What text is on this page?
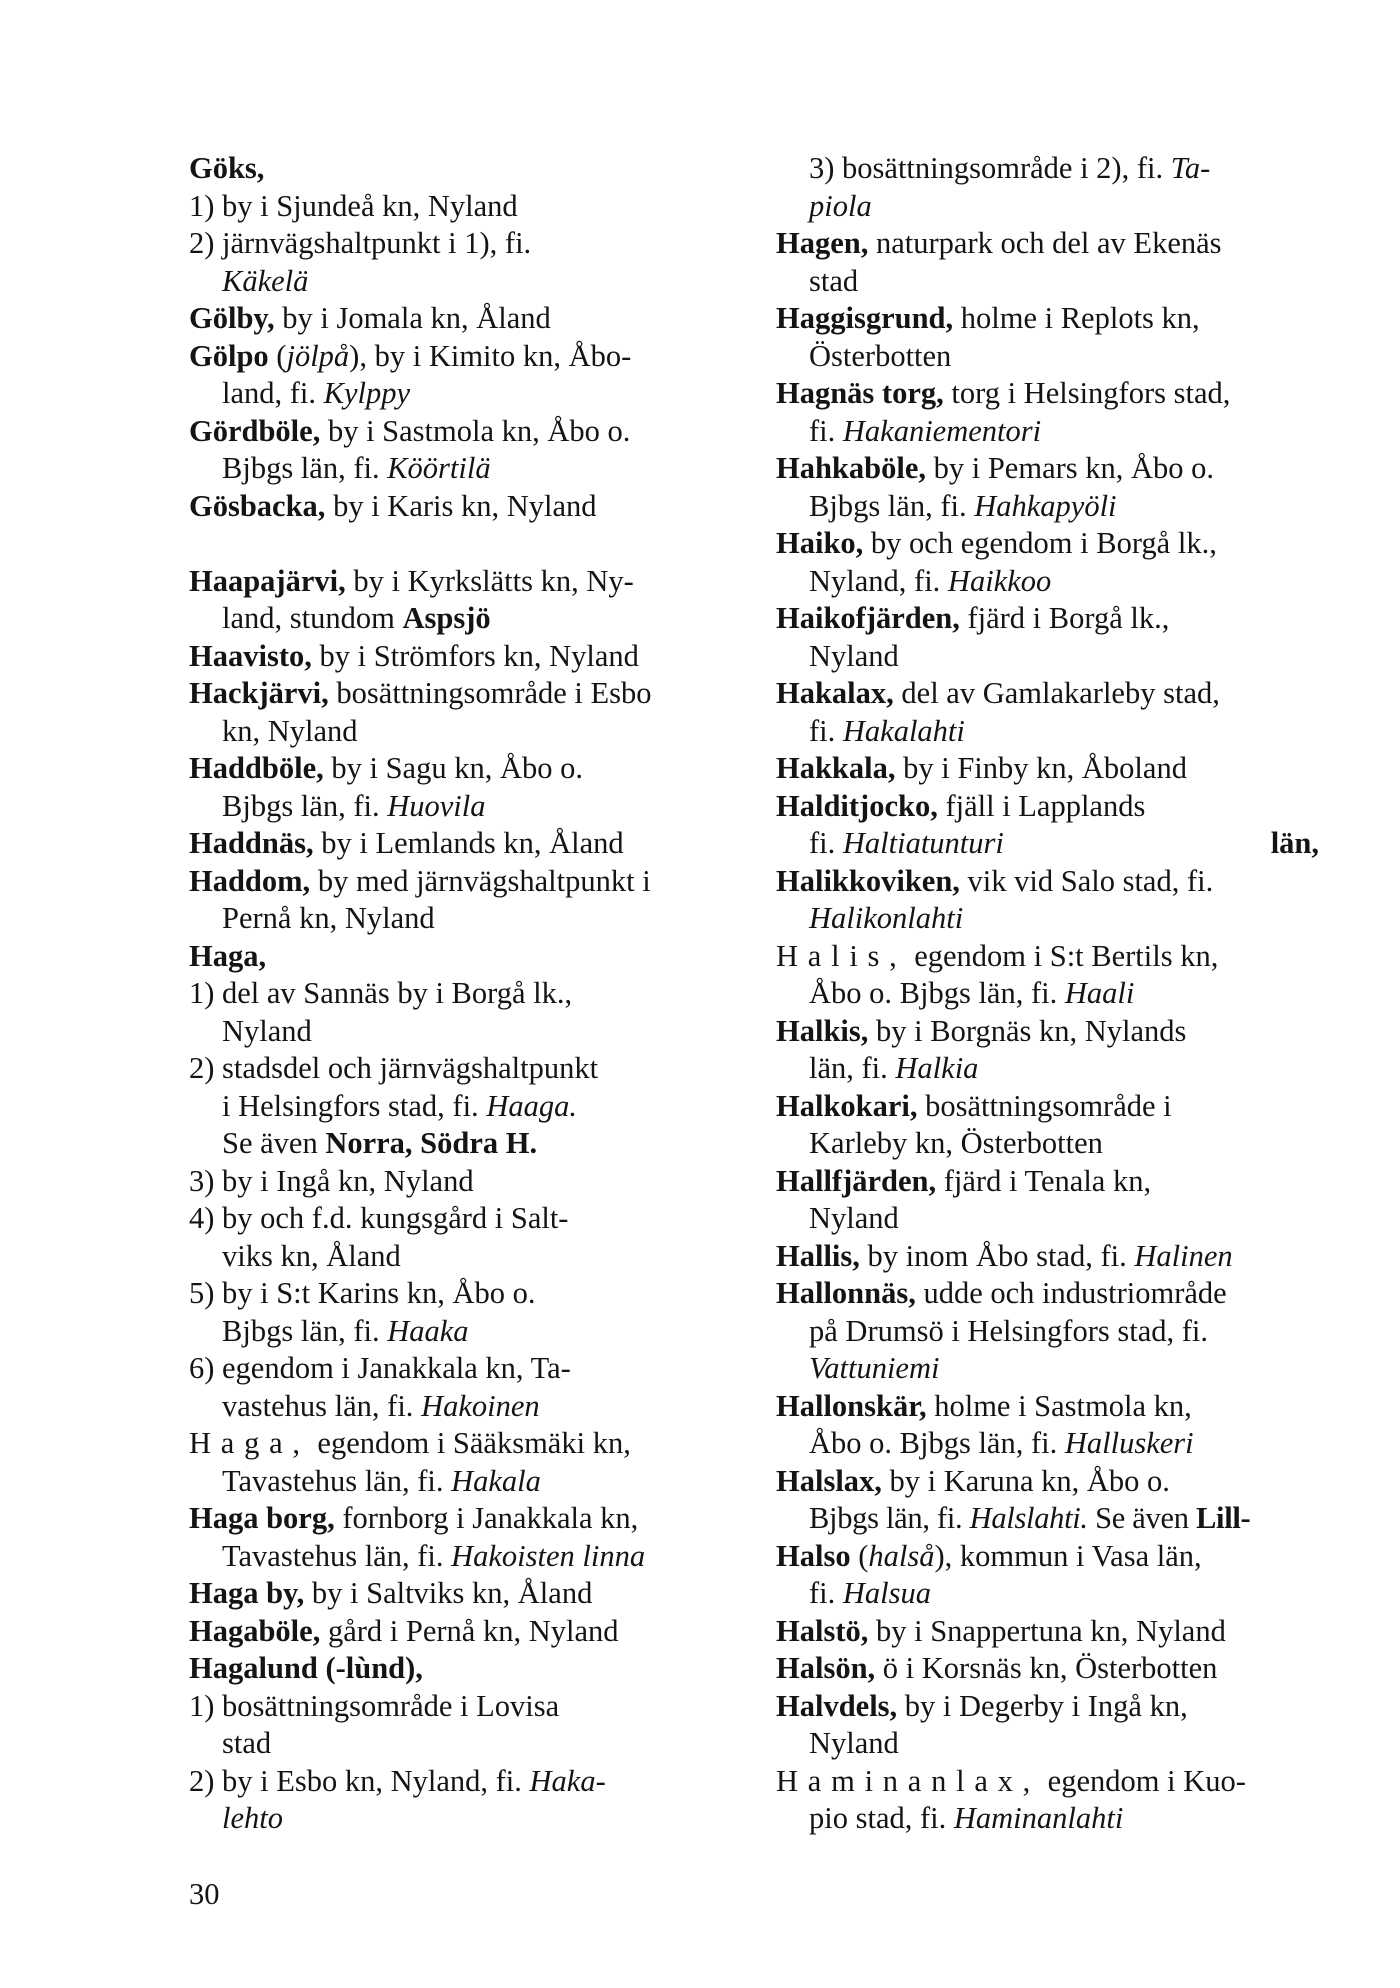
Göks,
1) by i Sjundeå kn, Nyland
2) järnvägshaltpunkt i 1), fi.
Käkelä
Gölby, by i Jomala kn, Åland
Gölpo (jölpå), by i Kimito kn, Åbo-
land, fi. Kylppy
Gördböle, by i Sastmola kn, Åbo o.
Bjbgs län, fi. Köörtilä
Gösbacka, by i Karis kn, Nyland
Haapajärvi, by i Kyrkslätts kn, Ny-
land, stundom Aspsjö
Haavisto, by i Strömfors kn, Nyland
Hackjärvi, bosättningsområde i Esbo
kn, Nyland
Haddböle, by i Sagu kn, Åbo o.
Bjbgs län, fi. Huovila
Haddnäs, by i Lemlands kn, Åland
Haddom, by med järnvägshaltpunkt i
Pernå kn, Nyland
Haga,
1) del av Sannäs by i Borgå lk.,
Nyland
2) stadsdel och järnvägshaltpunkt
i Helsingfors stad, fi. Haaga.
Se även Norra, Södra H.
3) by i Ingå kn, Nyland
4) by och f.d. kungsgård i Salt-
viks kn, Åland
5) by i S:t Karins kn, Åbo o.
Bjbgs län, fi. Haaka
6) egendom i Janakkala kn, Ta-
vastehus län, fi. Hakoinen
Haga, egendom i Sääksmäki kn,
Tavastehus län, fi. Hakala
Haga borg, fornborg i Janakkala kn,
Tavastehus län, fi. Hakoisten linna
Haga by, by i Saltviks kn, Åland
Hagaböle, gård i Pernå kn, Nyland
Hagalund (-lùnd),
1) bosättningsområde i Lovisa
stad
2) by i Esbo kn, Nyland, fi. Haka-
lehto
3) bosättningsområde i 2), fi. Ta-
piola
Hagen, naturpark och del av Ekenäs
stad
Haggisgrund, holme i Replots kn,
Österbotten
Hagnäs torg, torg i Helsingfors stad,
fi. Hakaniementori
Hahkaböle, by i Pemars kn, Åbo o.
Bjbgs län, fi. Hahkapyöli
Haiko, by och egendom i Borgå lk.,
Nyland, fi. Haikkoo
Haikofjärden, fjärd i Borgå lk.,
Nyland
Hakalax, del av Gamlakarleby stad,
fi. Hakalahti
Hakkala, by i Finby kn, Åboland
Halditjocko, fjäll i Lapplands
fi. Haltiatunturi	län,
Halikkoviken, vik vid Salo stad, fi.
Halikonlahti
Halis, egendom i S:t Bertils kn,
Åbo o. Bjbgs län, fi. Haali
Halkis, by i Borgnäs kn, Nylands
län, fi. Halkia
Halkokari, bosättningsområde i
Karleby kn, Österbotten
Hallfjärden, fjärd i Tenala kn,
Nyland
Hallis, by inom Åbo stad, fi. Halinen
Hallonnäs, udde och industriområde
på Drumsö i Helsingfors stad, fi.
Vattuniemi
Hallonskär, holme i Sastmola kn,
Åbo o. Bjbgs län, fi. Halluskeri
Halslax, by i Karuna kn, Åbo o.
Bjbgs län, fi. Halslahti. Se även Lill-
Halso (halså), kommun i Vasa län,
fi. Halsua
Halstö, by i Snappertuna kn, Nyland
Halsön, ö i Korsnäs kn, Österbotten
Halvdels, by i Degerby i Ingå kn,
Nyland
Haminanlax, egendom i Kuo-
pio stad, fi. Haminanlahti
30
